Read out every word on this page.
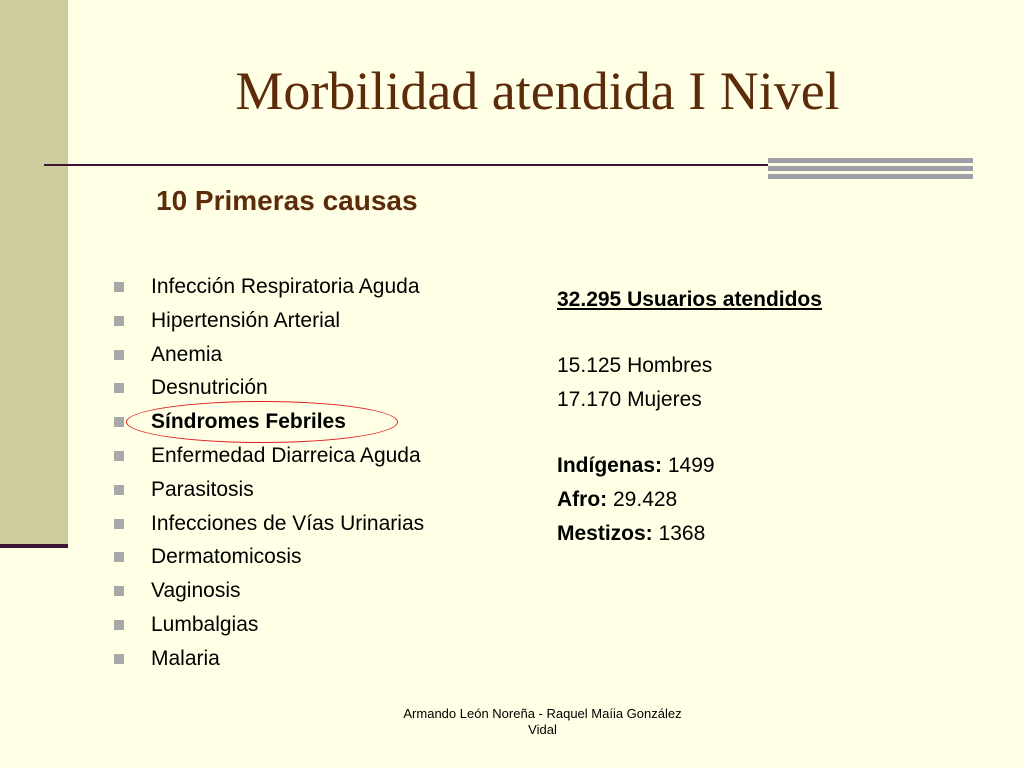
Morbilidad atendida I Nivel
10 Primeras causas
Infección Respiratoria Aguda
Hipertensión Arterial
Anemia
Desnutrición
Síndromes Febriles
Enfermedad Diarreica Aguda
Parasitosis
Infecciones de Vías Urinarias
Dermatomicosis
Vaginosis
Lumbalgias
Malaria
32.295 Usuarios atendidos
15.125 Hombres
17.170 Mujeres
Indígenas: 1499
Afro: 29.428
Mestizos: 1368
Armando León Noreña - Raquel Maíia González
Vidal
